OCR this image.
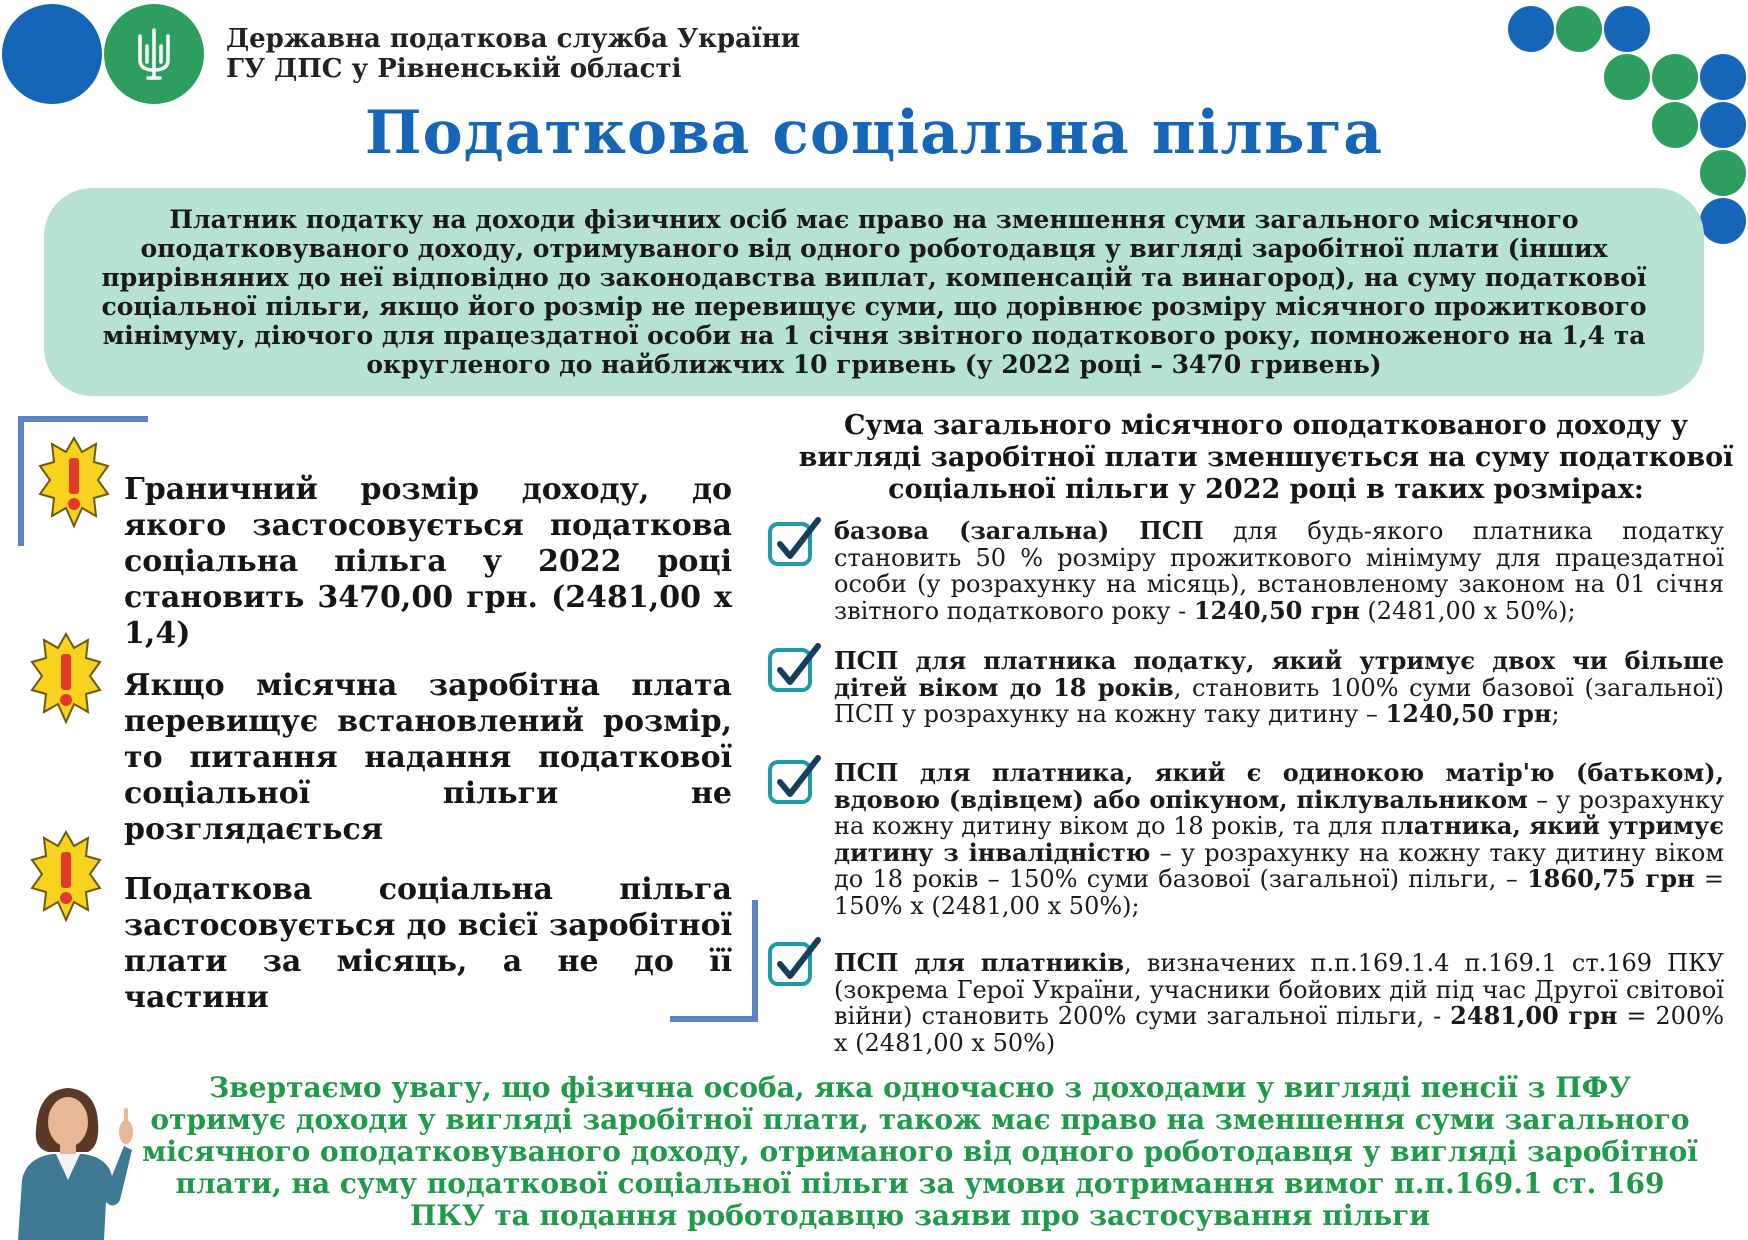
Державна податкова служба України
ГУ ДПС у Рівненській області
Податкова соціальна пільга
Платник податку на доходи фізичних осіб має право на зменшення суми загального місячного оподатковуваного доходу, отримуваного від одного роботодавця у вигляді заробітної плати (інших прирівняних до неї відповідно до законодавства виплат, компенсацій та винагород), на суму податкової соціальної пільги, якщо його розмір не перевищує суми, що дорівнює розміру місячного прожиткового мінімуму, діючого для працездатної особи на 1 січня звітного податкового року, помноженого на 1,4 та округленого до найближчих 10 гривень (у 2022 році – 3470 гривень)
Граничний розмір доходу, до якого застосовується податкова соціальна пільга у 2022 році становить 3470,00 грн. (2481,00 х 1,4)
Якщо місячна заробітна плата перевищує встановлений розмір, то питання надання податкової соціальної пільги не розглядається
Податкова соціальна пільга застосовується до всієї заробітної плати за місяць, а не до її частини
Сума загального місячного оподаткованого доходу у вигляді заробітної плати зменшується на суму податкової соціальної пільги у 2022 році в таких розмірах:
базова (загальна) ПСП для будь-якого платника податку становить 50 % розміру прожиткового мінімуму для працездатної особи (у розрахунку на місяць), встановленому законом на 01 січня звітного податкового року - 1240,50 грн (2481,00 х 50%);
ПСП для платника податку, який утримує двох чи більше дітей віком до 18 років, становить 100% суми базової (загальної) ПСП у розрахунку на кожну таку дитину – 1240,50 грн;
ПСП для платника, який є одинокою матір'ю (батьком), вдовою (вдівцем) або опікуном, піклувальником – у розрахунку на кожну дитину віком до 18 років, та для платника, який утримує дитину з інвалідністю – у розрахунку на кожну таку дитину віком до 18 років – 150% суми базової (загальної) пільги, – 1860,75 грн = 150% х (2481,00 х 50%);
ПСП для платників, визначених п.п.169.1.4 п.169.1 ст.169 ПКУ (зокрема Герої України, учасники бойових дій під час Другої світової війни) становить 200% суми загальної пільги, - 2481,00 грн = 200% х (2481,00 х 50%)
Звертаємо увагу, що фізична особа, яка одночасно з доходами у вигляді пенсії з ПФУ отримує доходи у вигляді заробітної плати, також має право на зменшення суми загального місячного оподатковуваного доходу, отриманого від одного роботодавця у вигляді заробітної плати, на суму податкової соціальної пільги за умови дотримання вимог п.п.169.1 ст. 169 ПКУ та подання роботодавцю заяви про застосування пільги
